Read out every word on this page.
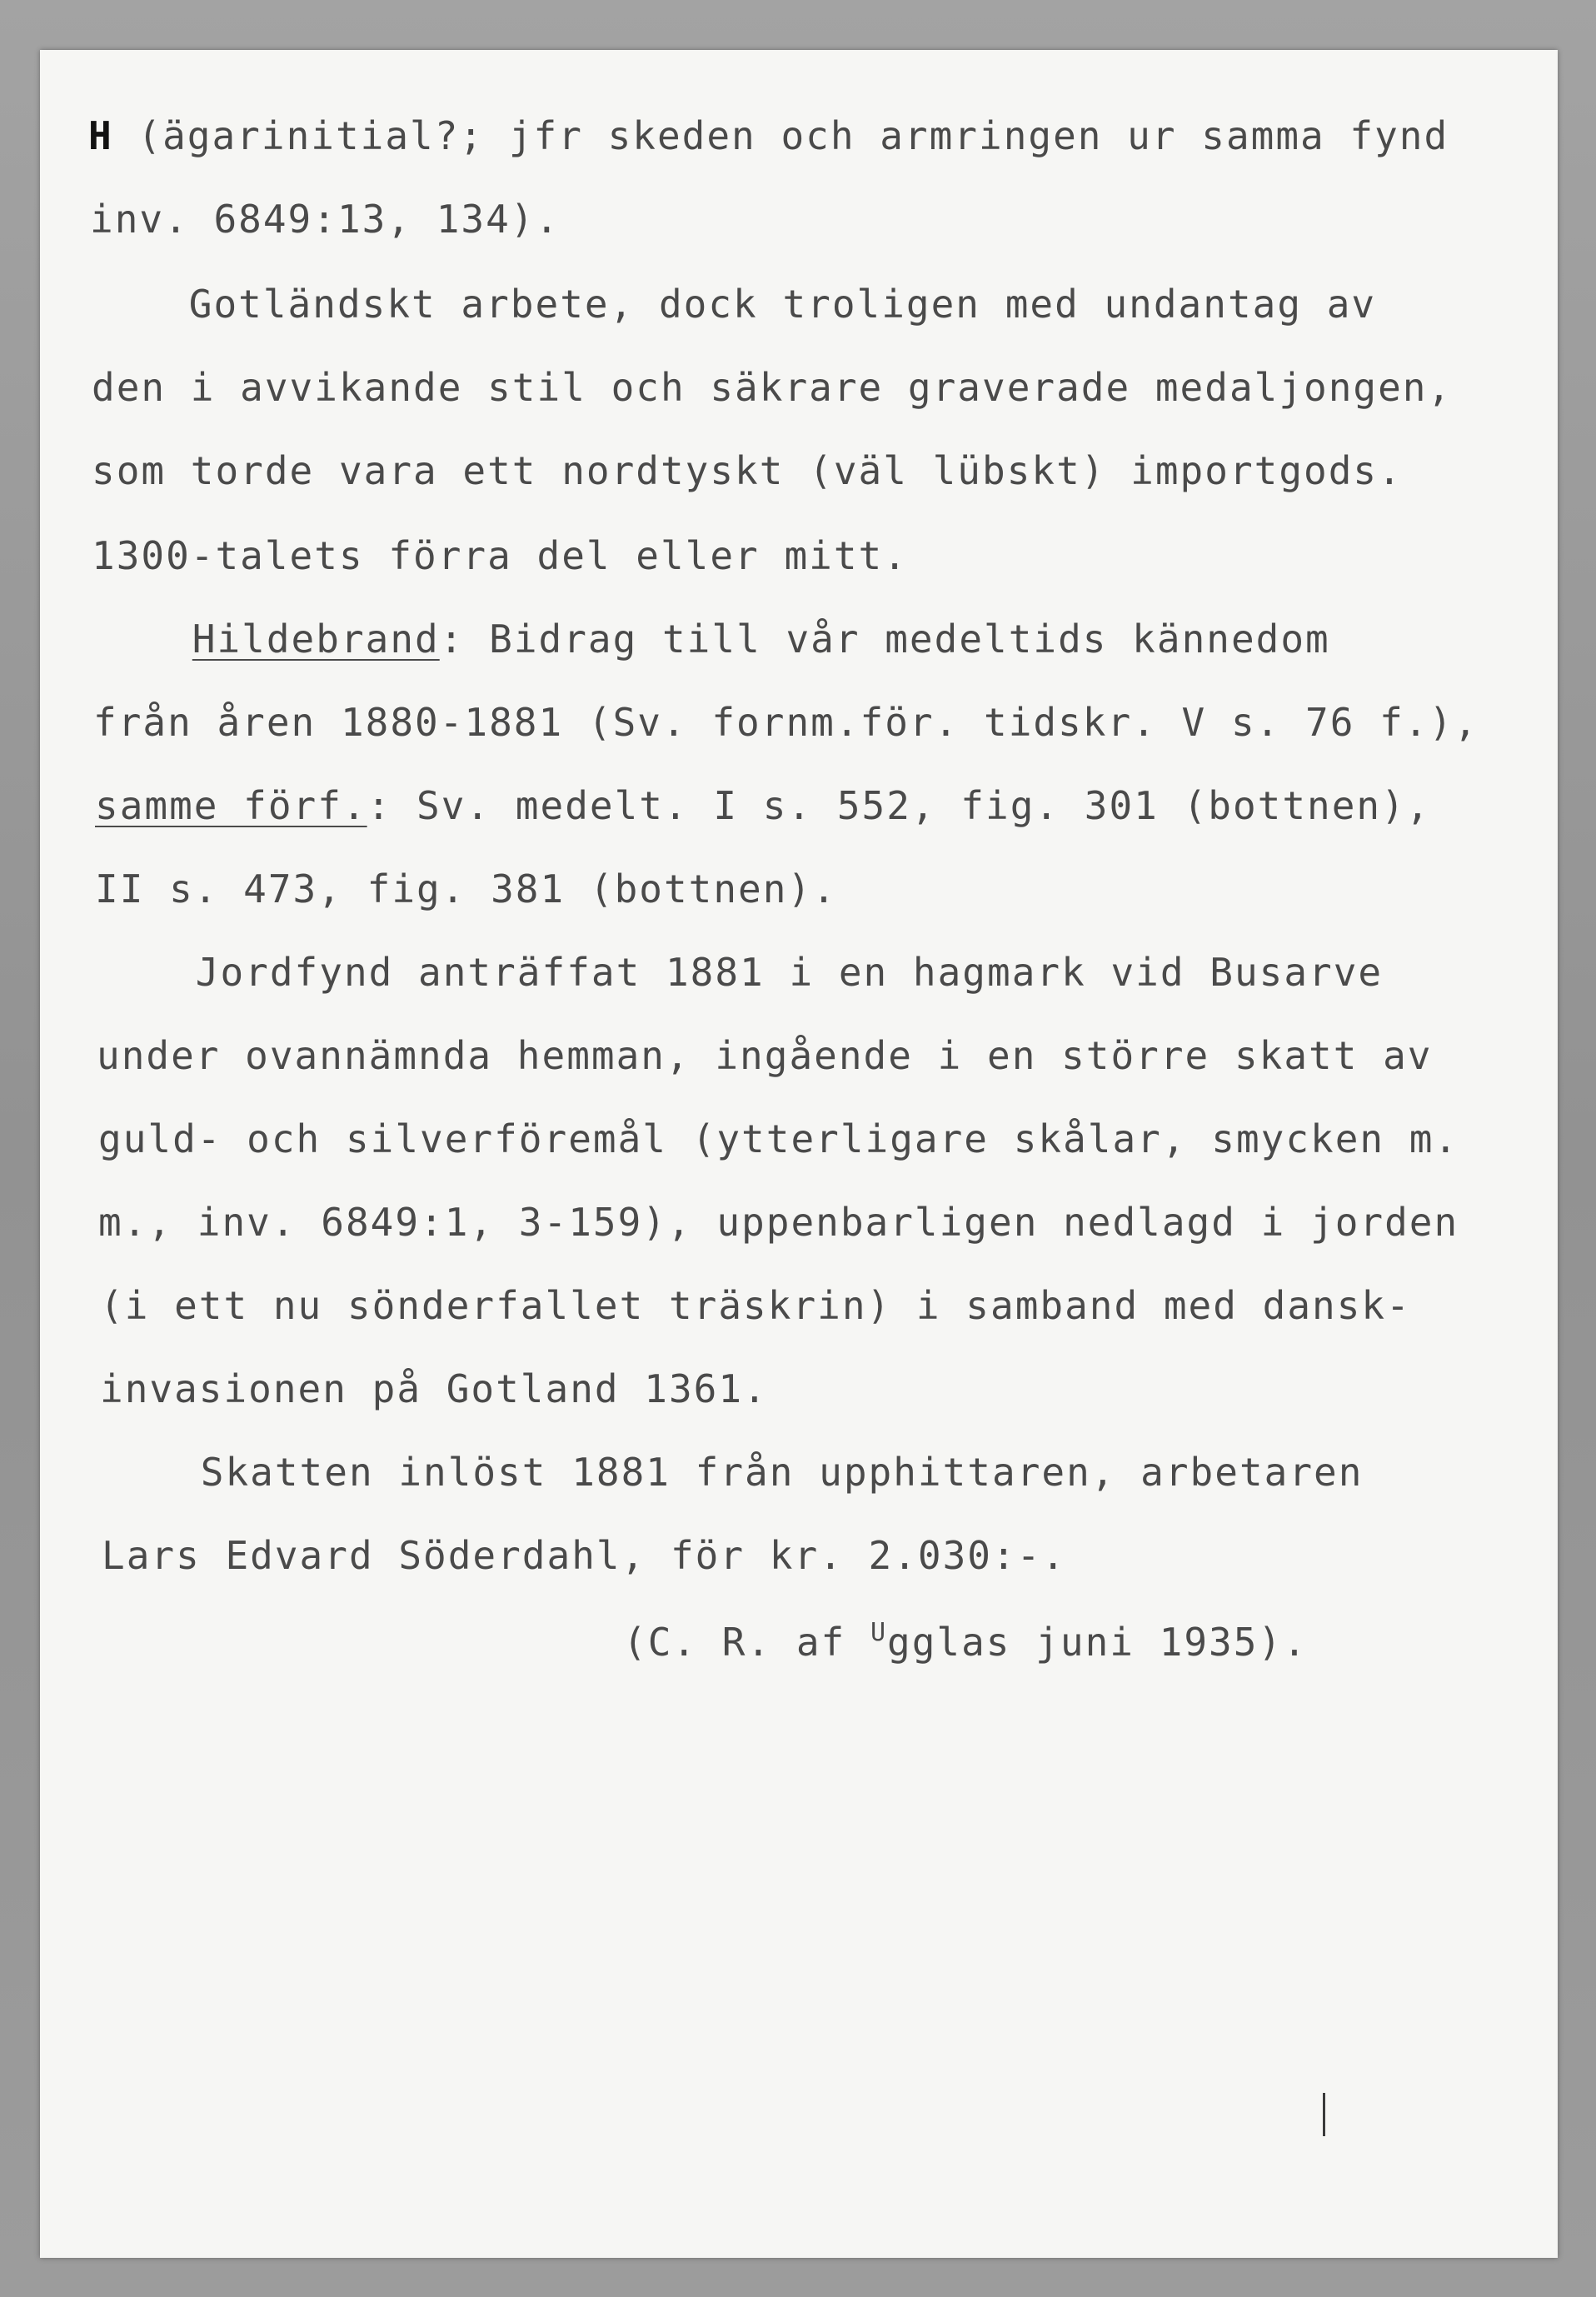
H (ägarinitial?; jfr skeden och armringen ur samma fynd
inv. 6849:13, 134).
Gotländskt arbete, dock troligen med undantag av
den i avvikande stil och säkrare graverade medaljongen,
som torde vara ett nordtyskt (väl lübskt) importgods.
1300-talets förra del eller mitt.
Hildebrand: Bidrag till vår medeltids kännedom
från åren 1880-1881 (Sv. fornm.för. tidskr. V s. 76 f.),
samme förf.: Sv. medelt. I s. 552, fig. 301 (bottnen),
II s. 473, fig. 381 (bottnen).
Jordfynd anträffat 1881 i en hagmark vid Busarve
under ovannämnda hemman, ingående i en större skatt av
guld- och silverföremål (ytterligare skålar, smycken m.
m., inv. 6849:1, 3-159), uppenbarligen nedlagd i jorden
(i ett nu sönderfallet träskrin) i samband med dansk-
invasionen på Gotland 1361.
Skatten inlöst 1881 från upphittaren, arbetaren
Lars Edvard Söderdahl, för kr. 2.030:-.
(C. R. af $^U$gglas juni 1935).
